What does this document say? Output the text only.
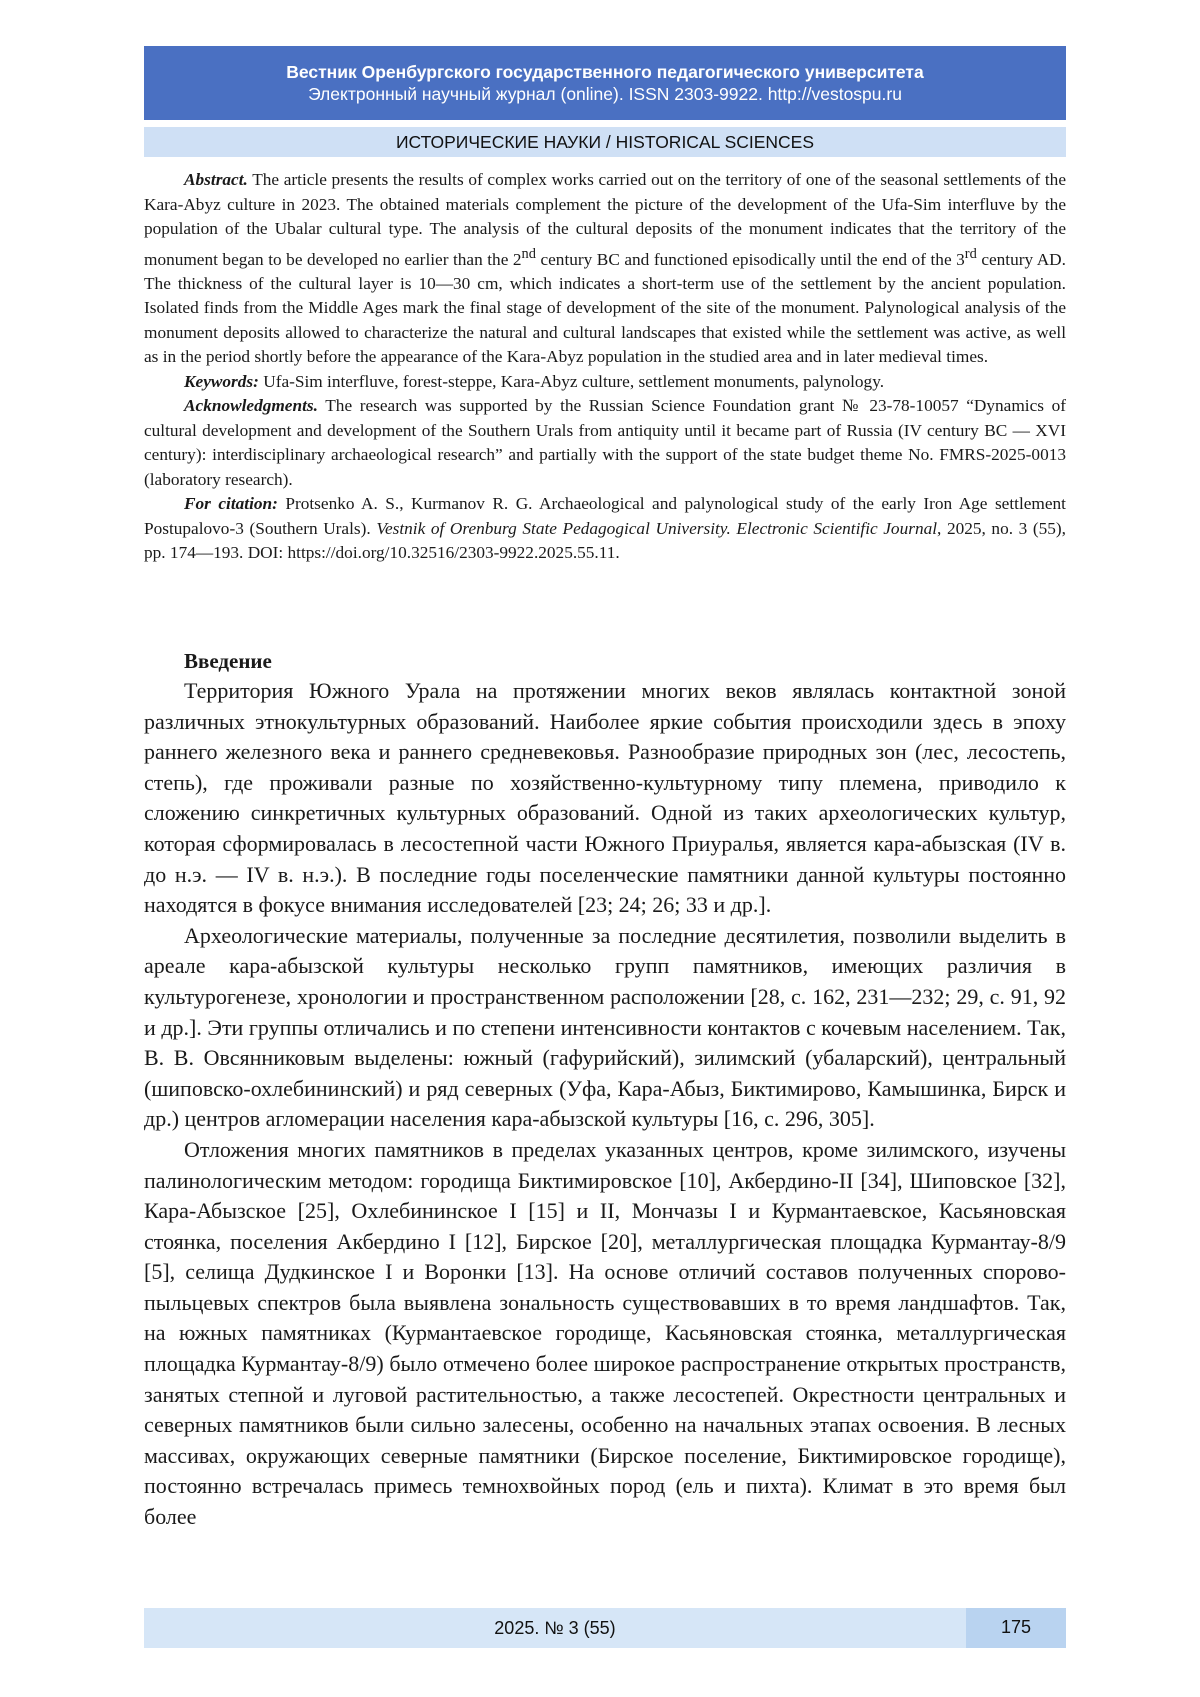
Вестник Оренбургского государственного педагогического университета
Электронный научный журнал (online). ISSN 2303-9922. http://vestospu.ru
ИСТОРИЧЕСКИЕ НАУКИ / HISTORICAL SCIENCES

Abstract. The article presents the results of complex works carried out on the territory of one of the seasonal settlements of the Kara-Abyz culture in 2023. The obtained materials complement the picture of the development of the Ufa-Sim interfluve by the population of the Ubalar cultural type. The analysis of the cultural deposits of the monument indicates that the territory of the monument began to be developed no earlier than the 2nd century BC and functioned episodically until the end of the 3rd century AD. The thickness of the cultural layer is 10—30 cm, which indicates a short-term use of the settlement by the ancient population. Isolated finds from the Middle Ages mark the final stage of development of the site of the monument. Palynological analysis of the monument deposits allowed to characterize the natural and cultural landscapes that existed while the settlement was active, as well as in the period shortly before the appearance of the Kara-Abyz population in the studied area and in later medieval times.

Keywords: Ufa-Sim interfluve, forest-steppe, Kara-Abyz culture, settlement monuments, palynology.

Acknowledgments. The research was supported by the Russian Science Foundation grant № 23-78-10057 “Dynamics of cultural development and development of the Southern Urals from antiquity until it became part of Russia (IV century BC — XVI century): interdisciplinary archaeological research” and partially with the support of the state budget theme No. FMRS-2025-0013 (laboratory research).

For citation: Protsenko A. S., Kurmanov R. G. Archaeological and palynological study of the early Iron Age settlement Postupalovo-3 (Southern Urals). Vestnik of Orenburg State Pedagogical University. Electronic Scientific Journal, 2025, no. 3 (55), pp. 174—193. DOI: https://doi.org/10.32516/2303-9922.2025.55.11.

Введение

Территория Южного Урала на протяжении многих веков являлась контактной зоной различных этнокультурных образований. Наиболее яркие события происходили здесь в эпоху раннего железного века и раннего средневековья. Разнообразие природных зон (лес, лесостепь, степь), где проживали разные по хозяйственно-культурному типу племена, приводило к сложению синкретичных культурных образований. Одной из таких археологических культур, которая сформировалась в лесостепной части Южного Приуралья, является кара-абызская (IV в. до н.э. — IV в. н.э.). В последние годы поселенческие памятники данной культуры постоянно находятся в фокусе внимания исследователей [23; 24; 26; 33 и др.].

Археологические материалы, полученные за последние десятилетия, позволили выделить в ареале кара-абызской культуры несколько групп памятников, имеющих различия в культурогенезе, хронологии и пространственном расположении [28, с. 162, 231—232; 29, с. 91, 92 и др.]. Эти группы отличались и по степени интенсивности контактов с кочевым населением. Так, В. В. Овсянниковым выделены: южный (гафурийский), зилимский (убаларский), центральный (шиповско-охлебининский) и ряд северных (Уфа, Кара-Абыз, Биктимирово, Камышинка, Бирск и др.) центров агломерации населения кара-абызской культуры [16, с. 296, 305].

Отложения многих памятников в пределах указанных центров, кроме зилимского, изучены палинологическим методом: городища Биктимировское [10], Акбердино-II [34], Шиповское [32], Кара-Абызское [25], Охлебининское I [15] и II, Мончазы I и Курмантаевское, Касьяновская стоянка, поселения Акбердино I [12], Бирское [20], металлургическая площадка Курмантау-8/9 [5], селища Дудкинское I и Воронки [13]. На основе отличий составов полученных спорово-пыльцевых спектров была выявлена зональность существовавших в то время ландшафтов. Так, на южных памятниках (Курмантаевское городище, Касьяновская стоянка, металлургическая площадка Курмантау-8/9) было отмечено более широкое распространение открытых пространств, занятых степной и луговой растительностью, а также лесостепей. Окрестности центральных и северных памятников были сильно залесены, особенно на начальных этапах освоения. В лесных массивах, окружающих северные памятники (Бирское поселение, Биктимировское городище), постоянно встречалась примесь темнохвойных пород (ель и пихта). Климат в это время был более

2025. № 3 (55)	175
